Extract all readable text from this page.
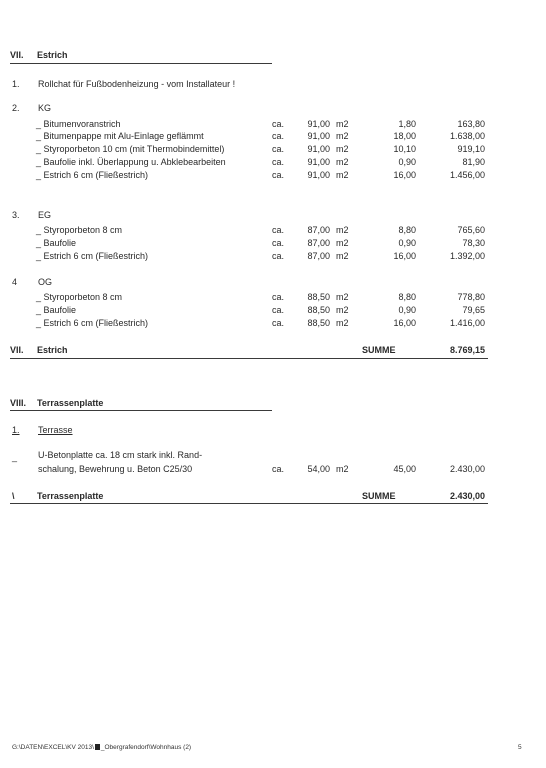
VII. Estrich
1. Rollchat für Fußbodenheizung - vom Installateur !
2. KG
_ Bitumenvoranstrich	ca.	91,00 m2	1,80	163,80
_ Bitumenpappe mit Alu-Einlage geflämmt	ca.	91,00 m2	18,00	1.638,00
_ Styroporbeton 10 cm (mit Thermobindemittel)	ca.	91,00 m2	10,10	919,10
_ Baufolie inkl. Überlappung u. Abklebearbeiten	ca.	91,00 m2	0,90	81,90
_ Estrich 6 cm (Fließestrich)	ca.	91,00 m2	16,00	1.456,00
3. EG
_ Styroporbeton 8 cm	ca.	87,00 m2	8,80	765,60
_ Baufolie	ca.	87,00 m2	0,90	78,30
_ Estrich 6 cm (Fließestrich)	ca.	87,00 m2	16,00	1.392,00
4 OG
_ Styroporbeton 8 cm	ca.	88,50 m2	8,80	778,80
_ Baufolie	ca.	88,50 m2	0,90	79,65
_ Estrich 6 cm (Fließestrich)	ca.	88,50 m2	16,00	1.416,00
VII. Estrich	SUMME	8.769,15
VIII. Terrassenplatte
1. Terrasse
_ U-Betonplatte ca. 18 cm stark inkl. Rand-
schalung, Bewehrung u. Beton C25/30	ca.	54,00 m2	45,00	2.430,00
\ Terrassenplatte	SUMME	2.430,00
G:\DATEN\EXCEL\KV 2013\ _Obergrafendorf\Wohnhaus (2)	5
